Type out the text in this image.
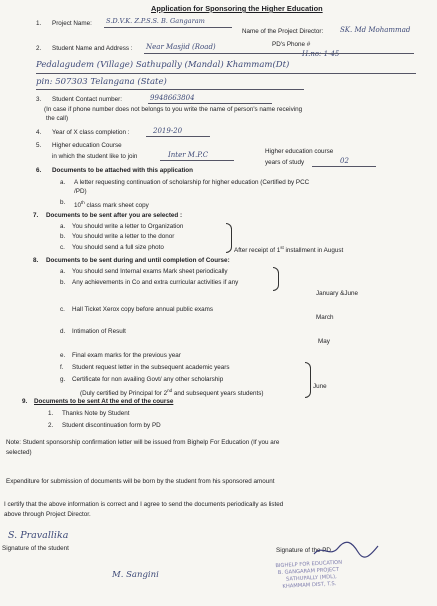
Application for Sponsoring the Higher Education
1. Project Name: S.D.V.K. Z.P.S.S. B. Gangaram
Name of the Project Director: SK. Md Mohammad
PD's Phone #
2. Student Name and Address : Near Masjid (Road)
H.no: 1-45
Pedalagudem (Village) Sathupally (Mandal) Khammam(Dt)
pin: 507303 Telangana (State)
3. Student Contact number:	9948663804
(In case if phone number does not belongs to you write the name of person's name receiving
the call)
4. Year of X class completion :	2019-20
5. Higher education Course
in which the student like to join	Inter M.P.C	Higher education course
years of study	02
6. Documents to be attached with this application
a. A letter requesting continuation of scholarship for higher education (Certified by PCC
/PD)
b. 10th class mark sheet copy
7. Documents to be sent after you are selected :
a. You should write a letter to Organization
b. You should write a letter to the donor
c. You should send a full size photo	After receipt of 1st installment in August
8. Documents to be sent during and until completion of Course:
a. You should send Internal exams Mark sheet periodically
b. Any achievements in Co and extra curricular activities if any
January &June
c. Hall Ticket Xerox copy before annual public exams
March
d. Intimation of Result
May
e. Final exam marks for the previous year
f. Student request letter in the subsequent academic years
g. Certificate for non availing Govt/ any other scholarship
(Duly certified by Principal for 2nd and subsequent years students)
June
9. Documents to be sent At the end of the course
1. Thanks Note by Student
2. Student discontinuation form by PD
Note: Student sponsorship confirmation letter will be issued from Bighelp For Education (If you are
selected)
Expenditure for submission of documents will be born by the student from his sponsored amount
I certify that the above information is correct and I agree to send the documents periodically as listed
above through Project Director.
S. Pravallika
Signature of the student	Signature of the PD
M. Sangini
BIGHELP FOR EDUCATION
B. GANGARAM PROJECT
SATHUPALLY (MDL),
KHAMMAM DIST, T.S.
